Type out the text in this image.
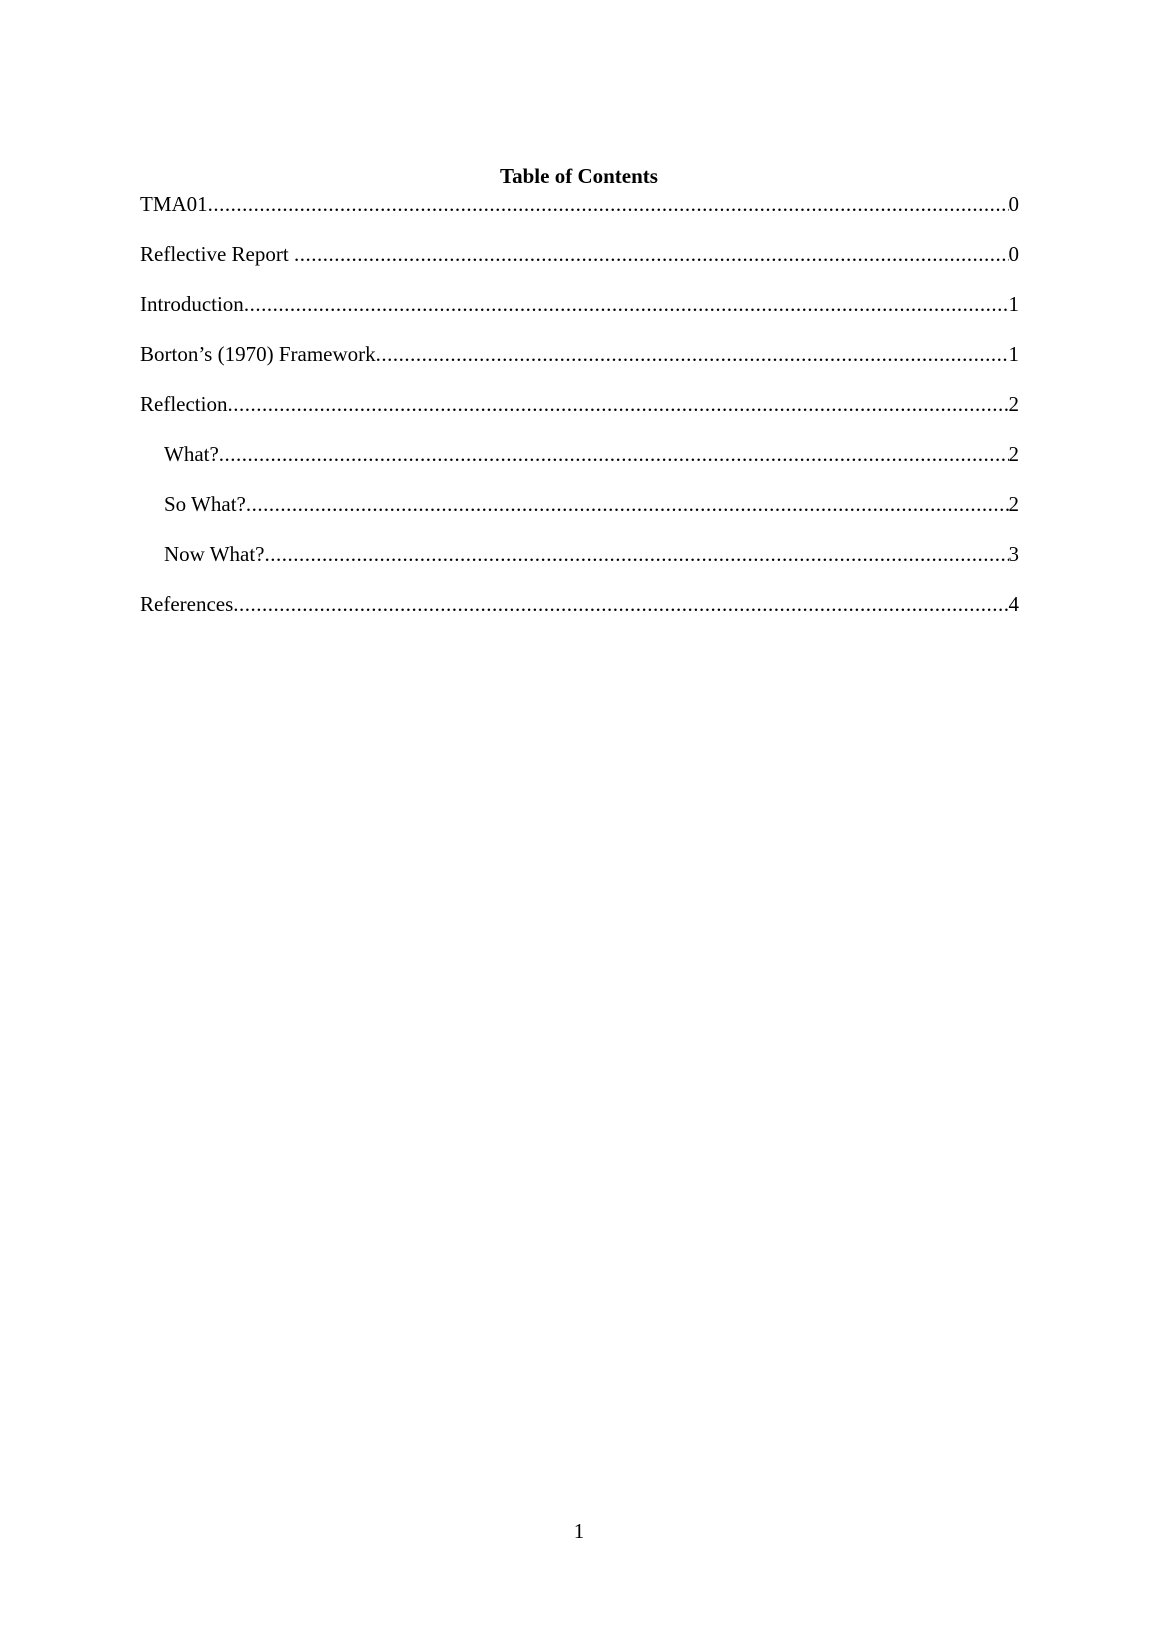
Table of Contents
TMA01 .....	0
Reflective Report .....	0
Introduction .....	1
Borton’s (1970) Framework .....	1
Reflection .....	2
What? .....	2
So What? .....	2
Now What? .....	3
References .....	4
1
